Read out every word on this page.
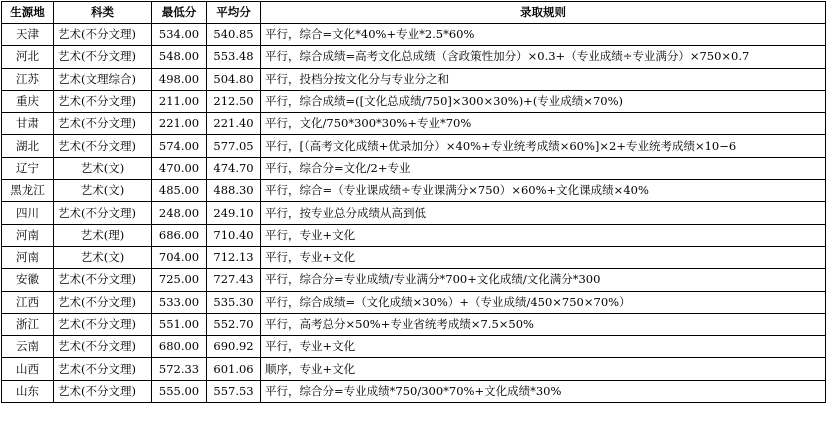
生源地	科类	最低分	平均分	录取规则
天津	艺术(不分文理)	534.00	540.85	平行，综合=文化*40%+专业*2.5*60%
河北	艺术(不分文理)	548.00	553.48	平行，综合成绩=高考文化总成绩（含政策性加分）×0.3+（专业成绩÷专业满分）×750×0.7
江苏	艺术(文理综合)	498.00	504.80	平行，投档分按文化分与专业分之和
重庆	艺术(不分文理)	211.00	212.50	平行，综合成绩=([文化总成绩/750]×300×30%)+(专业成绩×70%)
甘肃	艺术(不分文理)	221.00	221.40	平行，文化/750*300*30%+专业*70%
湖北	艺术(不分文理)	574.00	577.05	平行，[（高考文化成绩+优录加分）×40%+专业统考成绩×60%]×2+专业统考成绩×10−6
辽宁	艺术(文)	470.00	474.70	平行，综合分=文化/2+专业
黑龙江	艺术(文)	485.00	488.30	平行，综合=（专业课成绩÷专业课满分×750）×60%+文化课成绩×40%
四川	艺术(不分文理)	248.00	249.10	平行，按专业总分成绩从高到低
河南	艺术(理)	686.00	710.40	平行，专业+文化
河南	艺术(文)	704.00	712.13	平行，专业+文化
安徽	艺术(不分文理)	725.00	727.43	平行，综合分=专业成绩/专业满分*700+文化成绩/文化满分*300
江西	艺术(不分文理)	533.00	535.30	平行，综合成绩=（文化成绩×30%）+（专业成绩/450×750×70%）
浙江	艺术(不分文理)	551.00	552.70	平行，高考总分×50%+专业省统考成绩×7.5×50%
云南	艺术(不分文理)	680.00	690.92	平行，专业+文化
山西	艺术(不分文理)	572.33	601.06	顺序，专业+文化
山东	艺术(不分文理)	555.00	557.53	平行，综合分=专业成绩*750/300*70%+文化成绩*30%
